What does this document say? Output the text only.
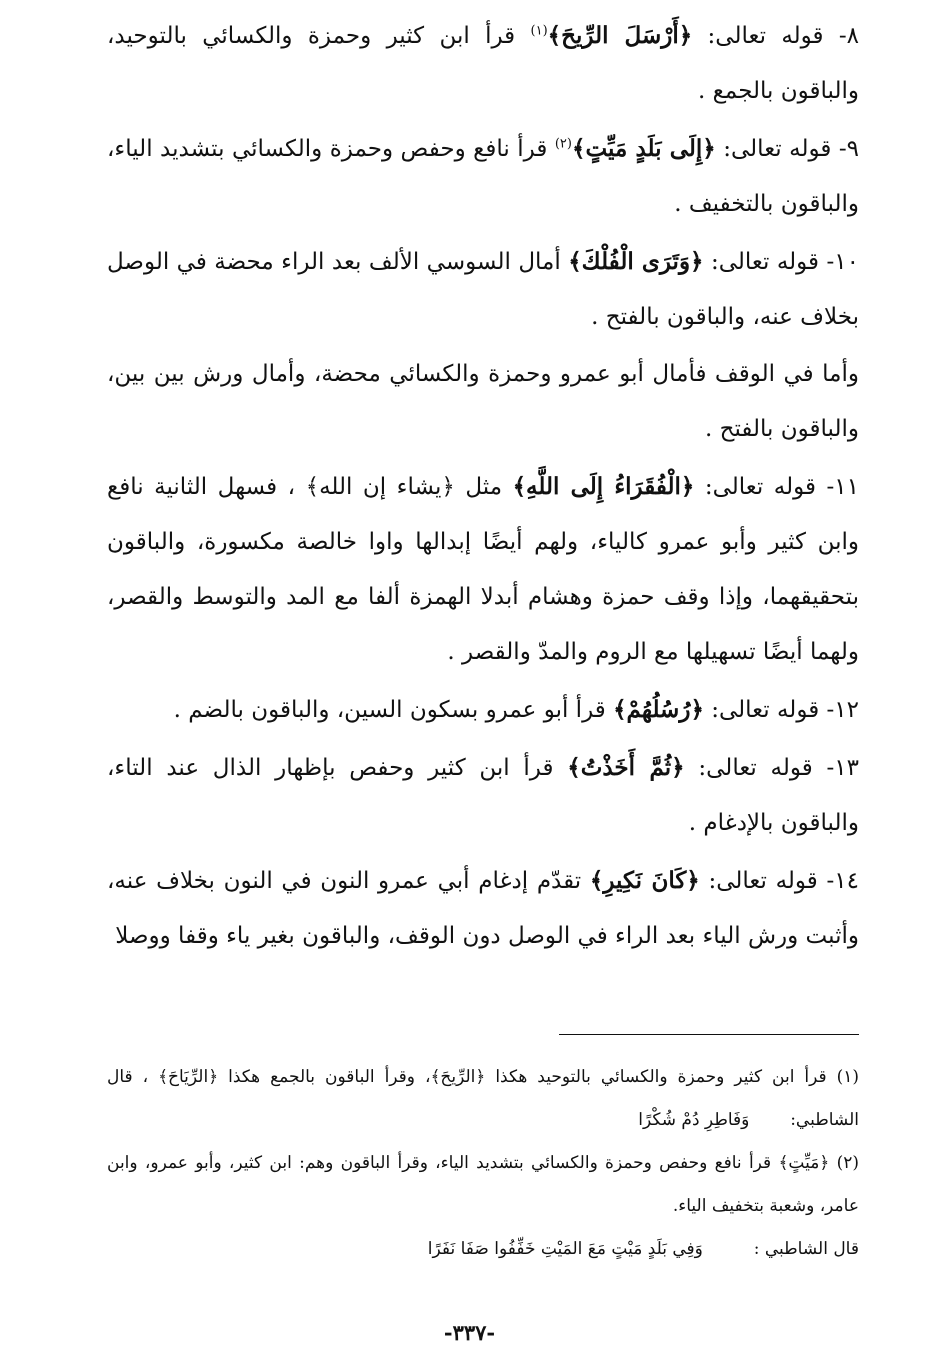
٨- قوله تعالى: ﴿أَرْسَلَ الرِّيحَ﴾$^{(١)}$ قرأ ابن كثير وحمزة والكسائي بالتوحيد، والباقون بالجمع .

٩- قوله تعالى: ﴿إِلَى بَلَدٍ مَيِّتٍ﴾$^{(٢)}$ قرأ نافع وحفص وحمزة والكسائي بتشديد الياء، والباقون بالتخفيف .

١٠- قوله تعالى: ﴿وَتَرَى الْفُلْكَ﴾ أمال السوسي الألف بعد الراء محضة في الوصل بخلاف عنه، والباقون بالفتح .

وأما في الوقف فأمال أبو عمرو وحمزة والكسائي محضة، وأمال ورش بين بين، والباقون بالفتح .

١١- قوله تعالى: ﴿الْفُقَرَاءُ إِلَى اللَّهِ﴾ مثل ﴿يشاء إن الله﴾ ، فسهل الثانية نافع وابن كثير وأبو عمرو كالياء، ولهم أيضًا إبدالها واوا خالصة مكسورة، والباقون بتحقيقهما، وإذا وقف حمزة وهشام أبدلا الهمزة ألفا مع المد والتوسط والقصر، ولهما أيضًا تسهيلها مع الروم والمدّ والقصر .

١٢- قوله تعالى: ﴿رُسُلُهُمْ﴾ قرأ أبو عمرو بسكون السين، والباقون بالضم .

١٣- قوله تعالى: ﴿ثُمَّ أَخَذْتُ﴾ قرأ ابن كثير وحفص بإظهار الذال عند التاء، والباقون بالإدغام .

١٤- قوله تعالى: ﴿كَانَ نَكِيرِ﴾ تقدّم إدغام أبي عمرو النون في النون بخلاف عنه، وأثبت ورش الياء بعد الراء في الوصل دون الوقف، والباقون بغير ياء وقفا ووصلا

(١) قرأ ابن كثير وحمزة والكسائي بالتوحيد هكذا ﴿الرِّيحَ﴾، وقرأ الباقون بالجمع هكذا ﴿الرِّيَاحَ﴾ ، قال الشاطبي:  وَفَاطِرِ دُمْ شُكْرًا

(٢) ﴿مَيِّتٍ﴾ قرأ نافع وحفص وحمزة والكسائي بتشديد الياء، وقرأ الباقون وهم: ابن كثير، وأبو عمرو، وابن عامر، وشعبة بتخفيف الياء.

قال الشاطبي :  وَفِي بَلَدٍ مَيْتٍ مَعَ المَيْتِ خَفِّفُوا صَفَا نَفَرًا

-٣٣٧-
